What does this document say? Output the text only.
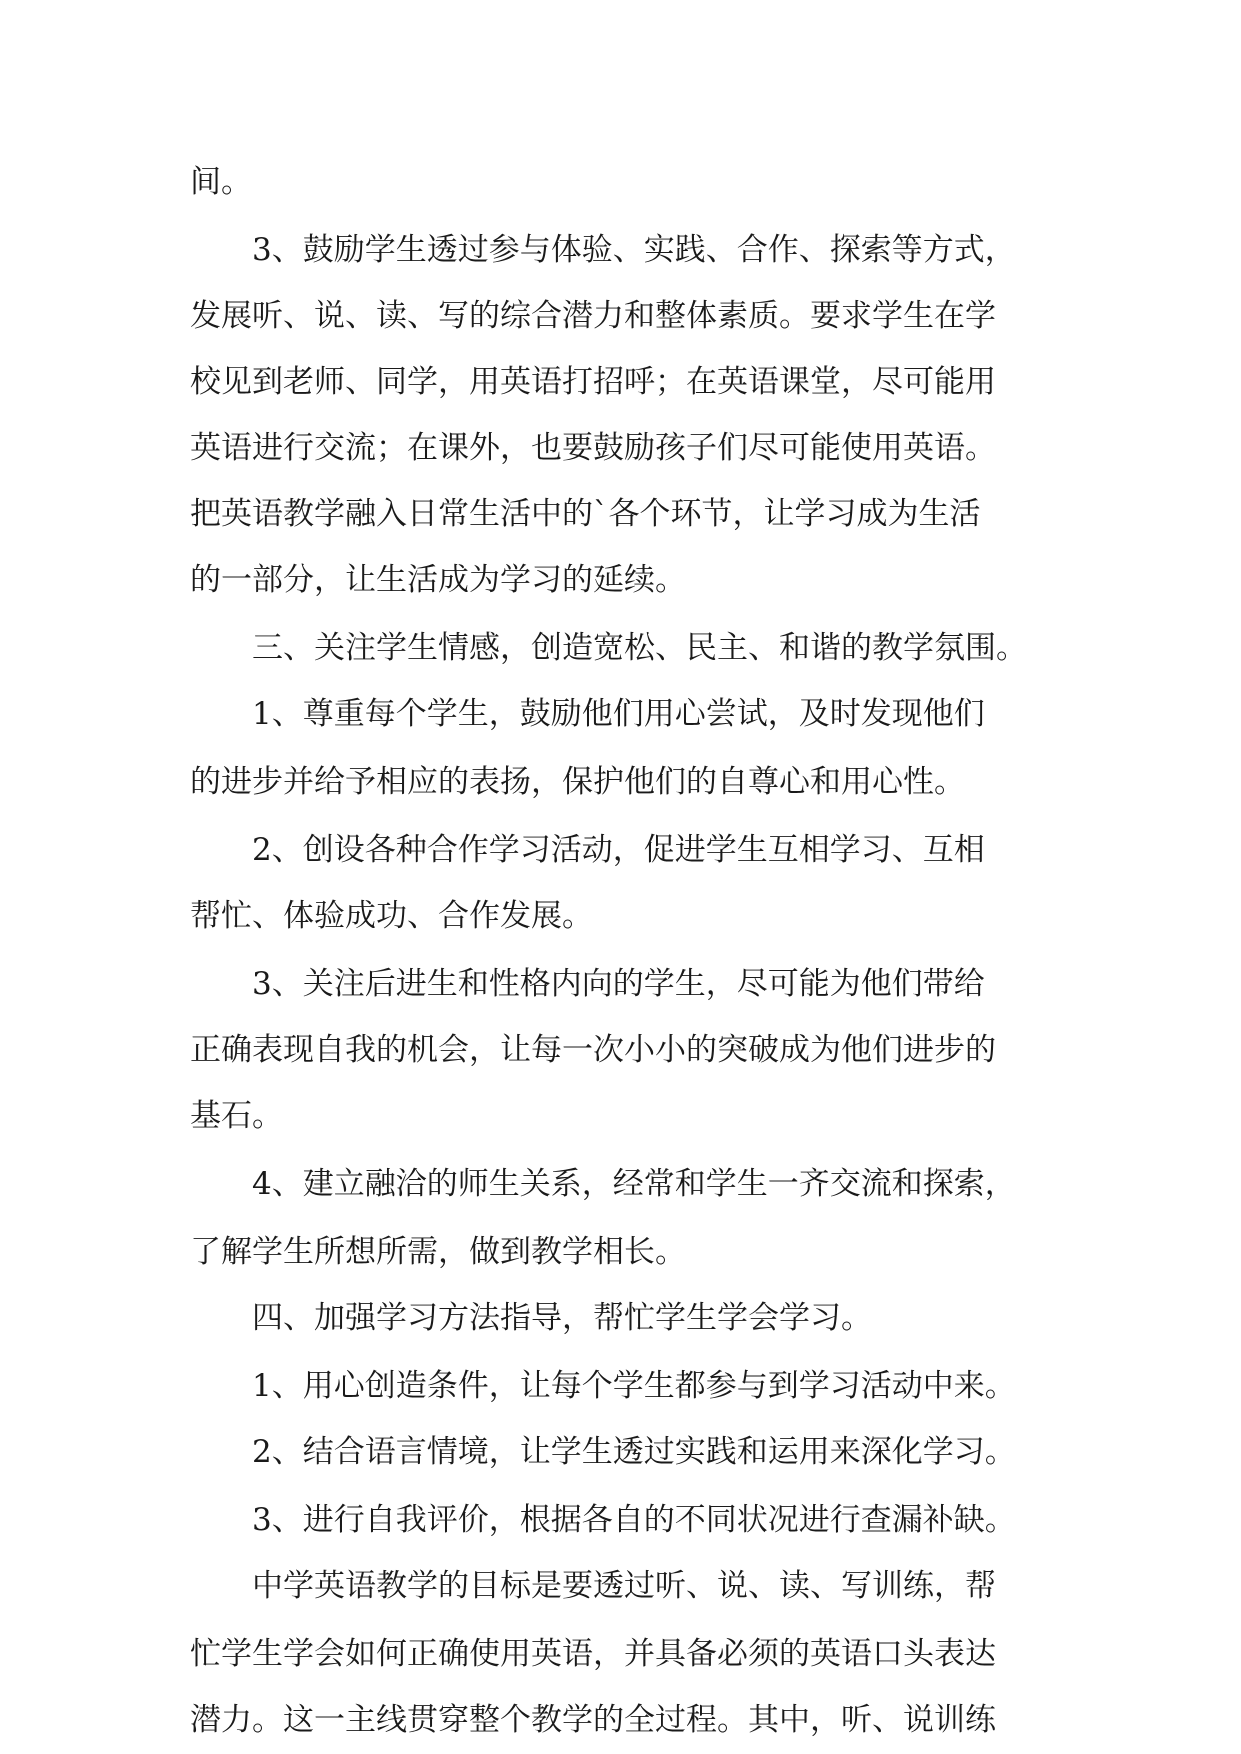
间。
3、鼓励学生透过参与体验、实践、合作、探索等方式，
发展听、说、读、写的综合潜力和整体素质。要求学生在学
校见到老师、同学，用英语打招呼；在英语课堂，尽可能用
英语进行交流；在课外，也要鼓励孩子们尽可能使用英语。
把英语教学融入日常生活中的`各个环节，让学习成为生活
的一部分，让生活成为学习的延续。
三、关注学生情感，创造宽松、民主、和谐的教学氛围。
1、尊重每个学生，鼓励他们用心尝试，及时发现他们
的进步并给予相应的表扬，保护他们的自尊心和用心性。
2、创设各种合作学习活动，促进学生互相学习、互相
帮忙、体验成功、合作发展。
3、关注后进生和性格内向的学生，尽可能为他们带给
正确表现自我的机会，让每一次小小的突破成为他们进步的
基石。
4、建立融洽的师生关系，经常和学生一齐交流和探索，
了解学生所想所需，做到教学相长。
四、加强学习方法指导，帮忙学生学会学习。
1、用心创造条件，让每个学生都参与到学习活动中来。
2、结合语言情境，让学生透过实践和运用来深化学习。
3、进行自我评价，根据各自的不同状况进行查漏补缺。
中学英语教学的目标是要透过听、说、读、写训练，帮
忙学生学会如何正确使用英语，并具备必须的英语口头表达
潜力。这一主线贯穿整个教学的全过程。其中，听、说训练
